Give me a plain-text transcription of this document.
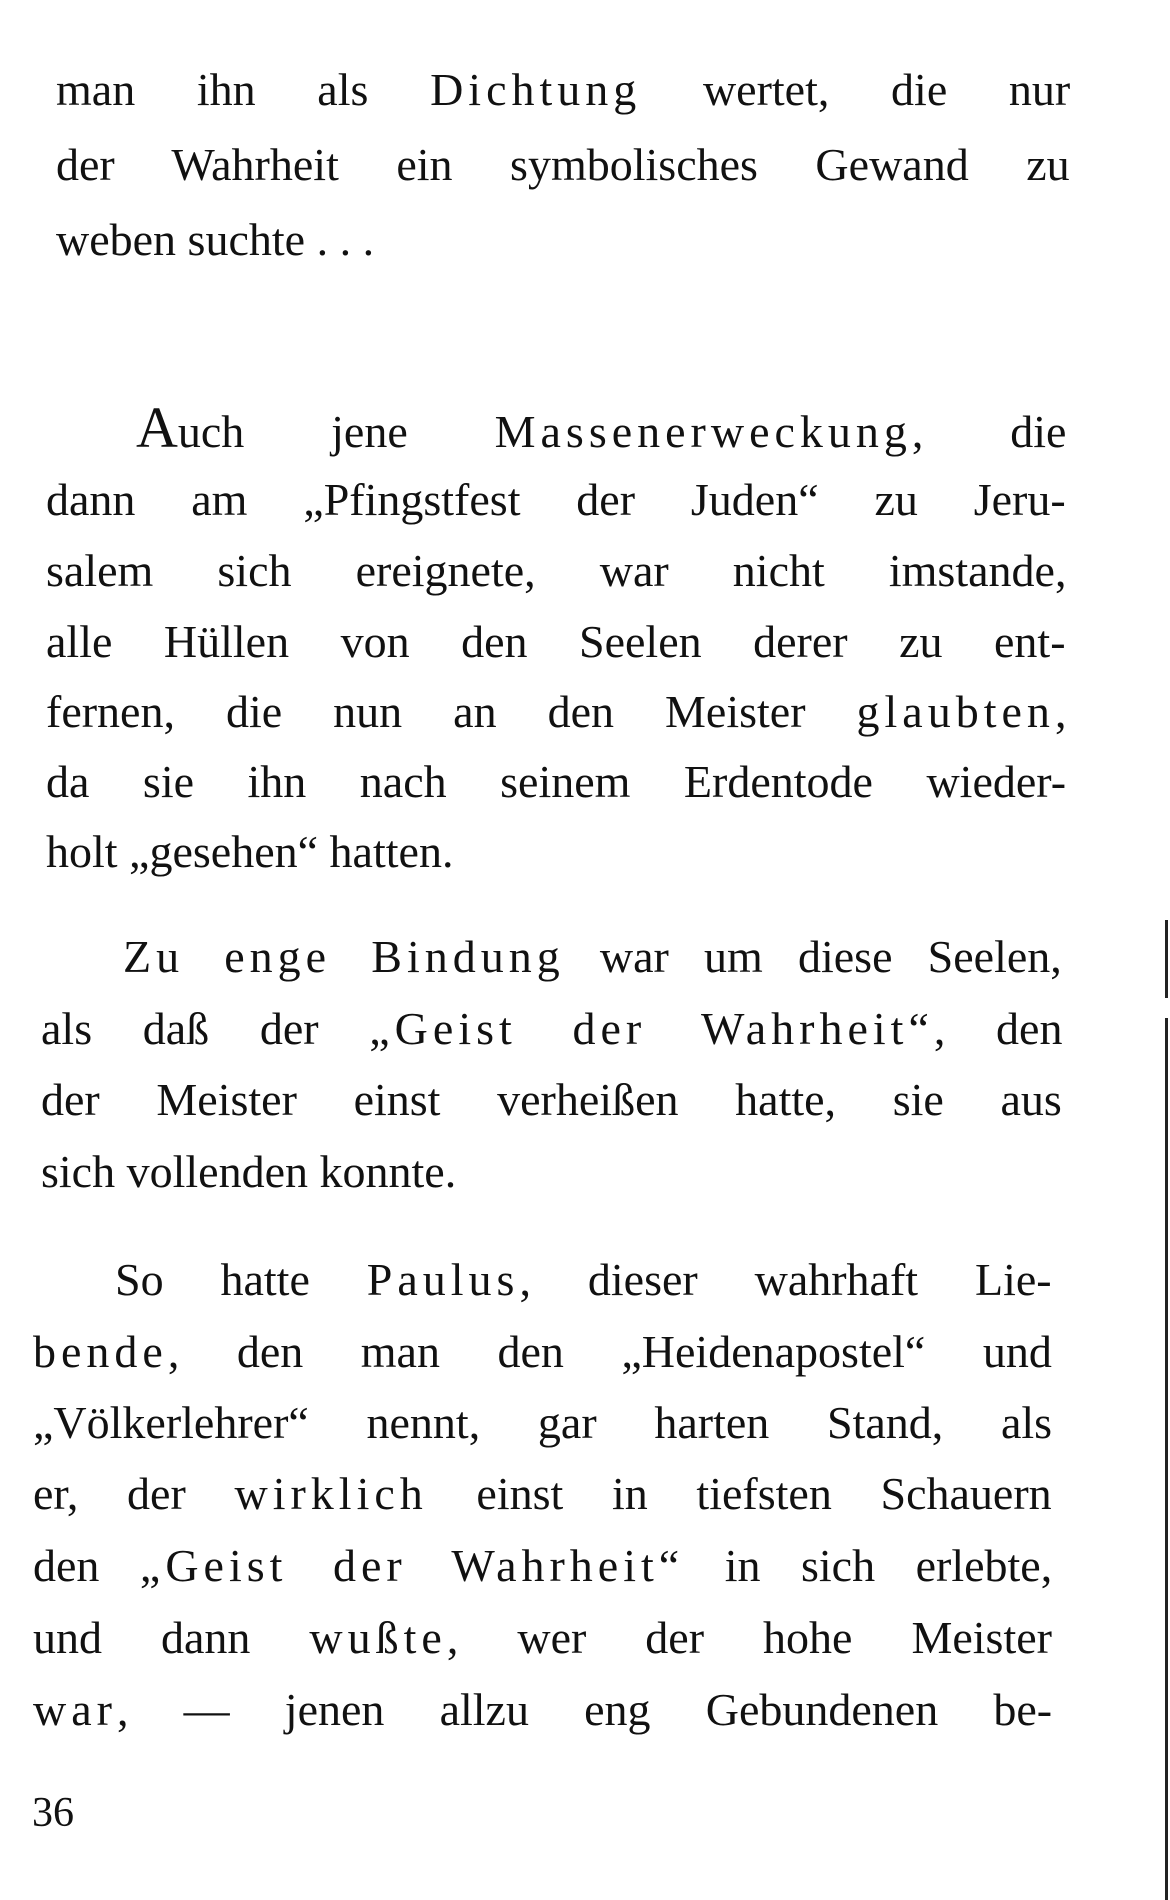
36
man ihn als Dichtung wertet, die nur
der Wahrheit ein symbolisches Gewand zu
weben suchte . . .
Auch jene Massenerweckung, die
dann am „Pfingstfest der Juden“ zu Jeru-
salem sich ereignete, war nicht imstande,
alle Hüllen von den Seelen derer zu ent-
fernen, die nun an den Meister glaubten,
da sie ihn nach seinem Erdentode wieder-
holt „gesehen“ hatten.
Zu enge Bindung war um diese Seelen,
als daß der „Geist der Wahrheit“, den
der Meister einst verheißen hatte, sie aus
sich vollenden konnte.
So hatte Paulus, dieser wahrhaft Lie-
bende, den man den „Heidenapostel“ und
„Völkerlehrer“ nennt, gar harten Stand, als
er, der wirklich einst in tiefsten Schauern
den „Geist der Wahrheit“ in sich erlebte,
und dann wußte, wer der hohe Meister
war, — jenen allzu eng Gebundenen be-
